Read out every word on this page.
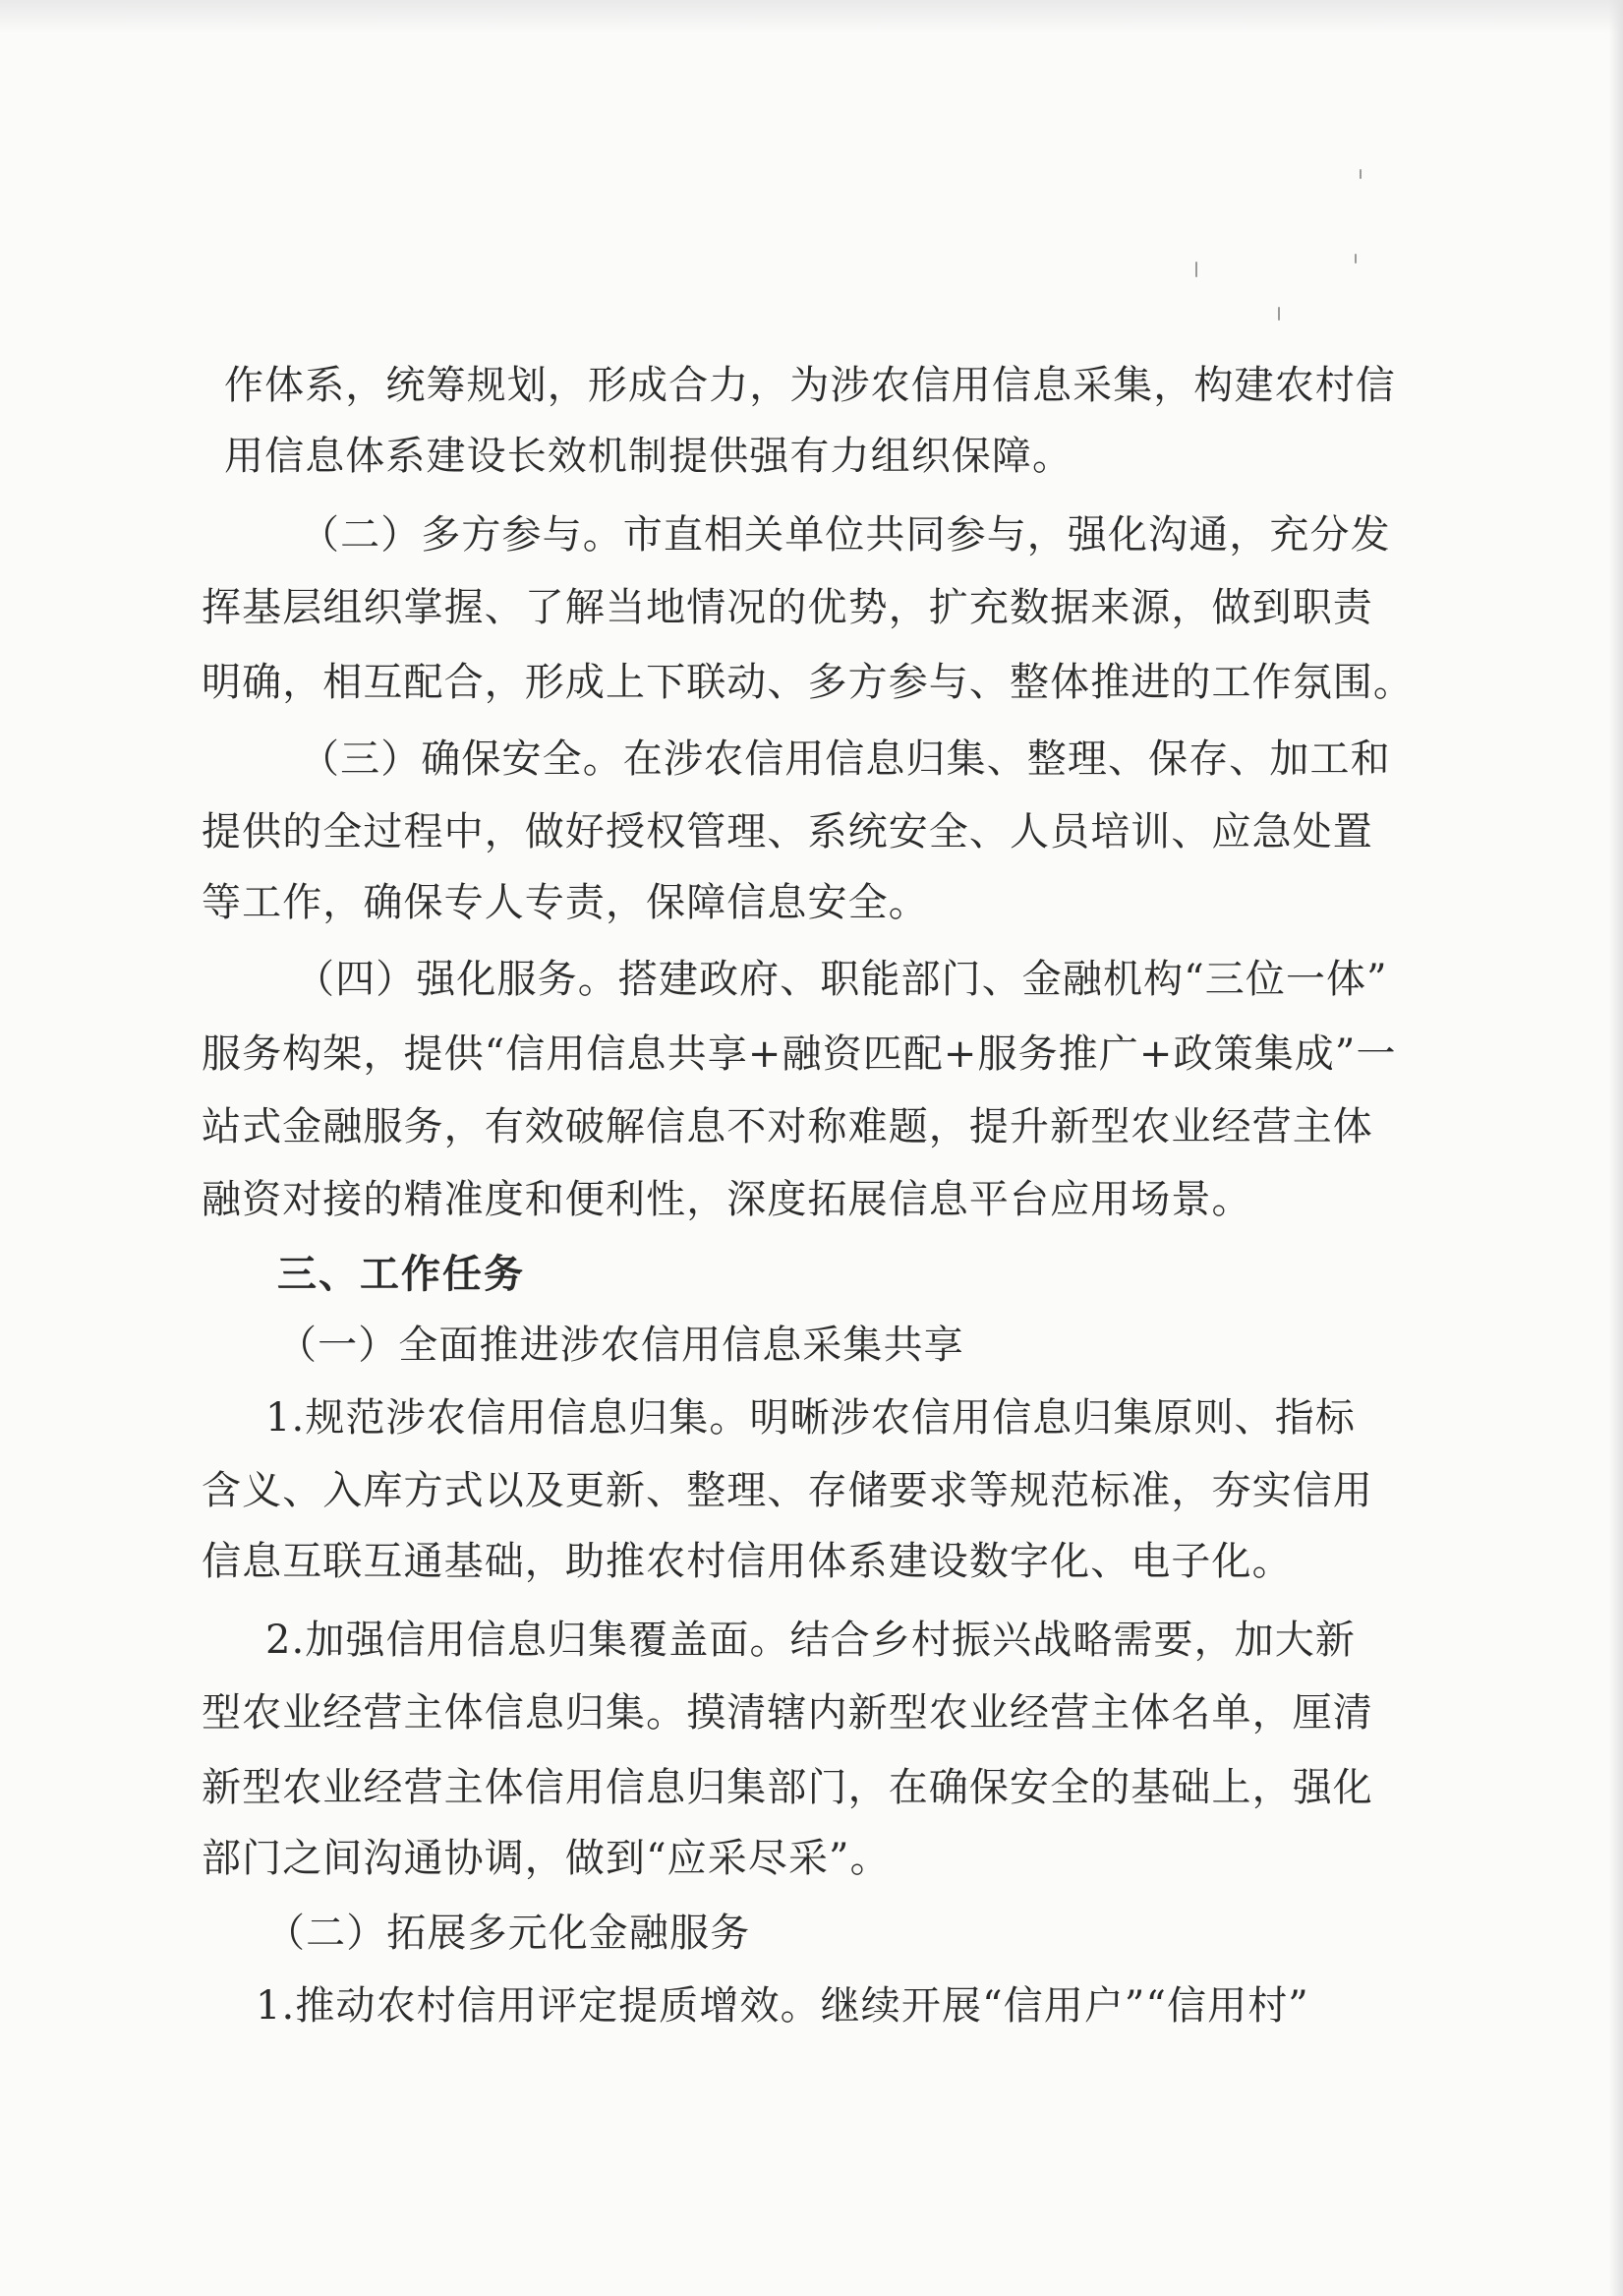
作体系，统筹规划，形成合力，为涉农信用信息采集，构建农村信
用信息体系建设长效机制提供强有力组织保障。
（二）多方参与。市直相关单位共同参与，强化沟通，充分发
挥基层组织掌握、了解当地情况的优势，扩充数据来源，做到职责
明确，相互配合，形成上下联动、多方参与、整体推进的工作氛围。
（三）确保安全。在涉农信用信息归集、整理、保存、加工和
提供的全过程中，做好授权管理、系统安全、人员培训、应急处置
等工作，确保专人专责，保障信息安全。
（四）强化服务。搭建政府、职能部门、金融机构“三位一体”
服务构架，提供“信用信息共享+融资匹配+服务推广+政策集成”一
站式金融服务，有效破解信息不对称难题，提升新型农业经营主体
融资对接的精准度和便利性，深度拓展信息平台应用场景。
三、工作任务
（一）全面推进涉农信用信息采集共享
1.规范涉农信用信息归集。明晰涉农信用信息归集原则、指标
含义、入库方式以及更新、整理、存储要求等规范标准，夯实信用
信息互联互通基础，助推农村信用体系建设数字化、电子化。
2.加强信用信息归集覆盖面。结合乡村振兴战略需要，加大新
型农业经营主体信息归集。摸清辖内新型农业经营主体名单，厘清
新型农业经营主体信用信息归集部门，在确保安全的基础上，强化
部门之间沟通协调，做到“应采尽采”。
（二）拓展多元化金融服务
1.推动农村信用评定提质增效。继续开展“信用户”“信用村”
